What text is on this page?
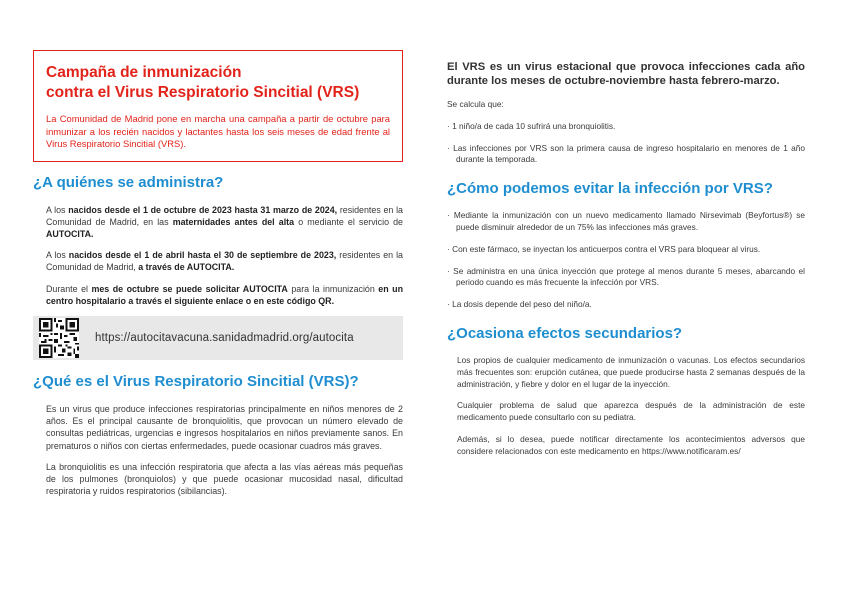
Campaña de inmunización
contra el Virus Respiratorio Sincitial (VRS)

La Comunidad de Madrid pone en marcha una campaña a partir de octubre para inmunizar a los recién nacidos y lactantes hasta los seis meses de edad frente al Virus Respiratorio Sincitial (VRS).

¿A quiénes se administra?

A los nacidos desde el 1 de octubre de 2023 hasta 31 marzo de 2024, residentes en la Comunidad de Madrid, en las maternidades antes del alta o mediante el servicio de AUTOCITA.

A los nacidos desde el 1 de abril hasta el 30 de septiembre de 2023, residentes en la Comunidad de Madrid, a través de AUTOCITA.

Durante el mes de octubre se puede solicitar AUTOCITA para la inmunización en un centro hospitalario a través el siguiente enlace o en este código QR.

https://autocitavacuna.sanidadmadrid.org/autocita
¿Qué es el Virus Respiratorio Sincitial (VRS)?

Es un virus que produce infecciones respiratorias principalmente en niños menores de 2 años. Es el principal causante de bronquiolitis, que provocan un número elevado de consultas pediátricas, urgencias e ingresos hospitalarios en niños previamente sanos. En prematuros o niños con ciertas enfermedades, puede ocasionar cuadros más graves.

La bronquiolitis es una infección respiratoria que afecta a las vías aéreas más pequeñas de los pulmones (bronquiolos) y que puede ocasionar mucosidad nasal, dificultad respiratoria y ruidos respiratorios (sibilancias).

El VRS es un virus estacional que provoca infecciones cada año durante los meses de octubre-noviembre hasta febrero-marzo.

Se calcula que:

· 1 niño/a de cada 10 sufrirá una bronquiolitis.

· Las infecciones por VRS son la primera causa de ingreso hospitalario en menores de 1 año durante la temporada.

¿Cómo podemos evitar la infección por VRS?

· Mediante la inmunización con un nuevo medicamento llamado Nirsevimab (Beyfortus®) se puede disminuir alrededor de un 75% las infecciones más graves.

· Con este fármaco, se inyectan los anticuerpos contra el VRS para bloquear al virus.

· Se administra en una única inyección que protege al menos durante 5 meses, abarcando el periodo cuando es más frecuente la infección por VRS.

· La dosis depende del peso del niño/a.

¿Ocasiona efectos secundarios?

Los propios de cualquier medicamento de inmunización o vacunas. Los efectos secundarios más frecuentes son: erupción cutánea, que puede producirse hasta 2 semanas después de la administración, y fiebre y dolor en el lugar de la inyección.

Cualquier problema de salud que aparezca después de la administración de este medicamento puede consultarlo con su pediatra.

Además, si lo desea, puede notificar directamente los acontecimientos adversos que considere relacionados con este medicamento en https://www.notificaram.es/
